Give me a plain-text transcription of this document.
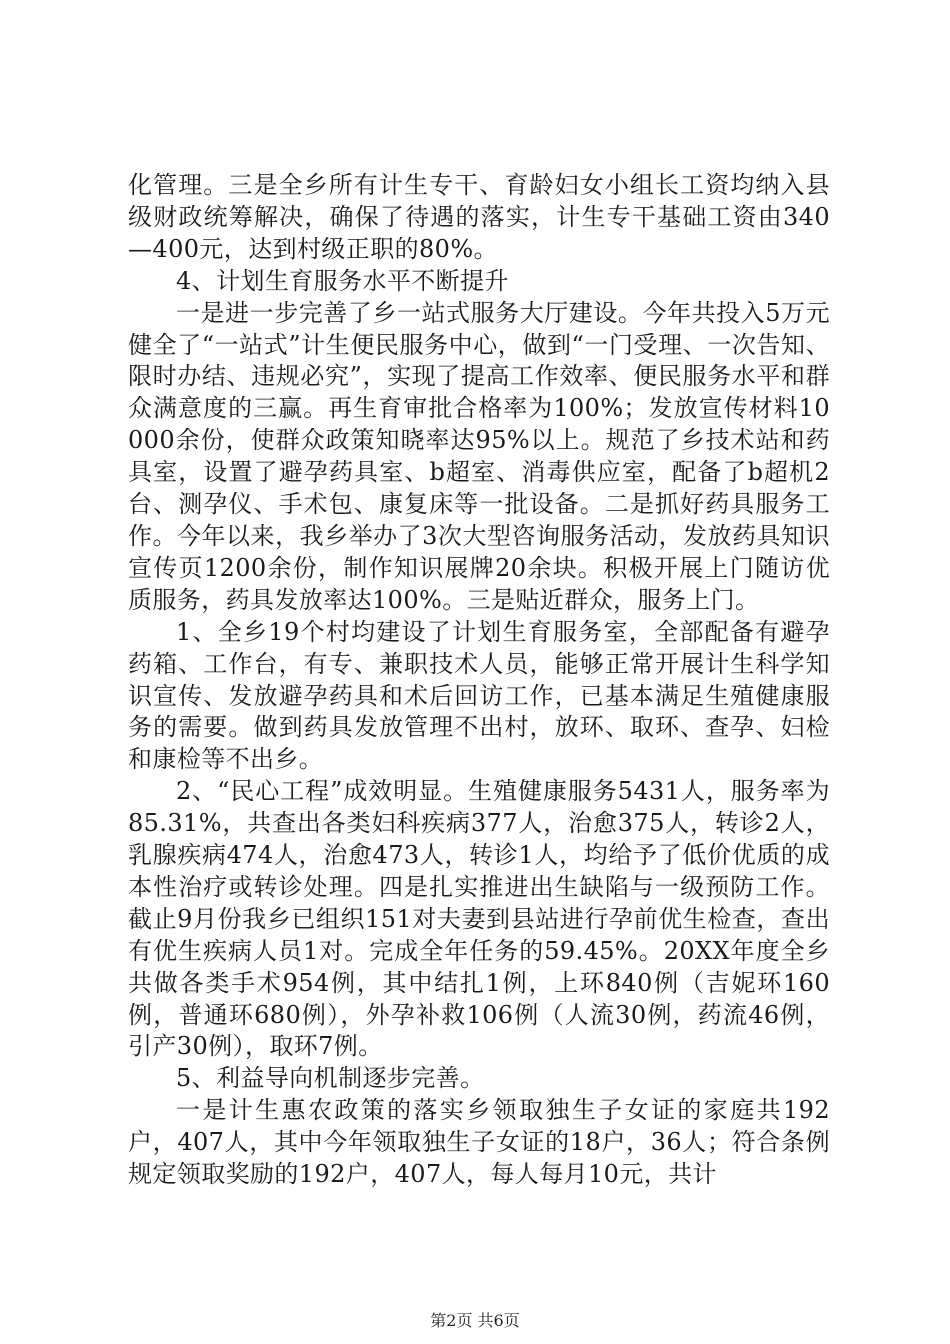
化管理。三是全乡所有计生专干、育龄妇女小组长工资均纳入县级财政统筹解决，确保了待遇的落实，计生专干基础工资由340—400元，达到村级正职的80%。

4、计划生育服务水平不断提升

一是进一步完善了乡一站式服务大厅建设。今年共投入5万元健全了“一站式”计生便民服务中心，做到“一门受理、一次告知、限时办结、违规必究”，实现了提高工作效率、便民服务水平和群众满意度的三赢。再生育审批合格率为100%；发放宣传材料10000余份，使群众政策知晓率达95%以上。规范了乡技术站和药具室，设置了避孕药具室、b超室、消毒供应室，配备了b超机2台、测孕仪、手术包、康复床等一批设备。二是抓好药具服务工作。今年以来，我乡举办了3次大型咨询服务活动，发放药具知识宣传页1200余份，制作知识展牌20余块。积极开展上门随访优质服务，药具发放率达100%。三是贴近群众，服务上门。

1、全乡19个村均建设了计划生育服务室，全部配备有避孕药箱、工作台，有专、兼职技术人员，能够正常开展计生科学知识宣传、发放避孕药具和术后回访工作，已基本满足生殖健康服务的需要。做到药具发放管理不出村，放环、取环、查孕、妇检和康检等不出乡。

2、“民心工程”成效明显。生殖健康服务5431人，服务率为85.31%，共查出各类妇科疾病377人，治愈375人，转诊2人，乳腺疾病474人，治愈473人，转诊1人，均给予了低价优质的成本性治疗或转诊处理。四是扎实推进出生缺陷与一级预防工作。截止9月份我乡已组织151对夫妻到县站进行孕前优生检查，查出有优生疾病人员1对。完成全年任务的59.45%。20XX年度全乡共做各类手术954例，其中结扎1例，上环840例（吉妮环160例，普通环680例），外孕补救106例（人流30例，药流46例，引产30例），取环7例。

5、利益导向机制逐步完善。

一是计生惠农政策的落实乡领取独生子女证的家庭共192户，407人，其中今年领取独生子女证的18户，36人；符合条例规定领取奖励的192户，407人，每人每月10元，共计

第2页 共6页
